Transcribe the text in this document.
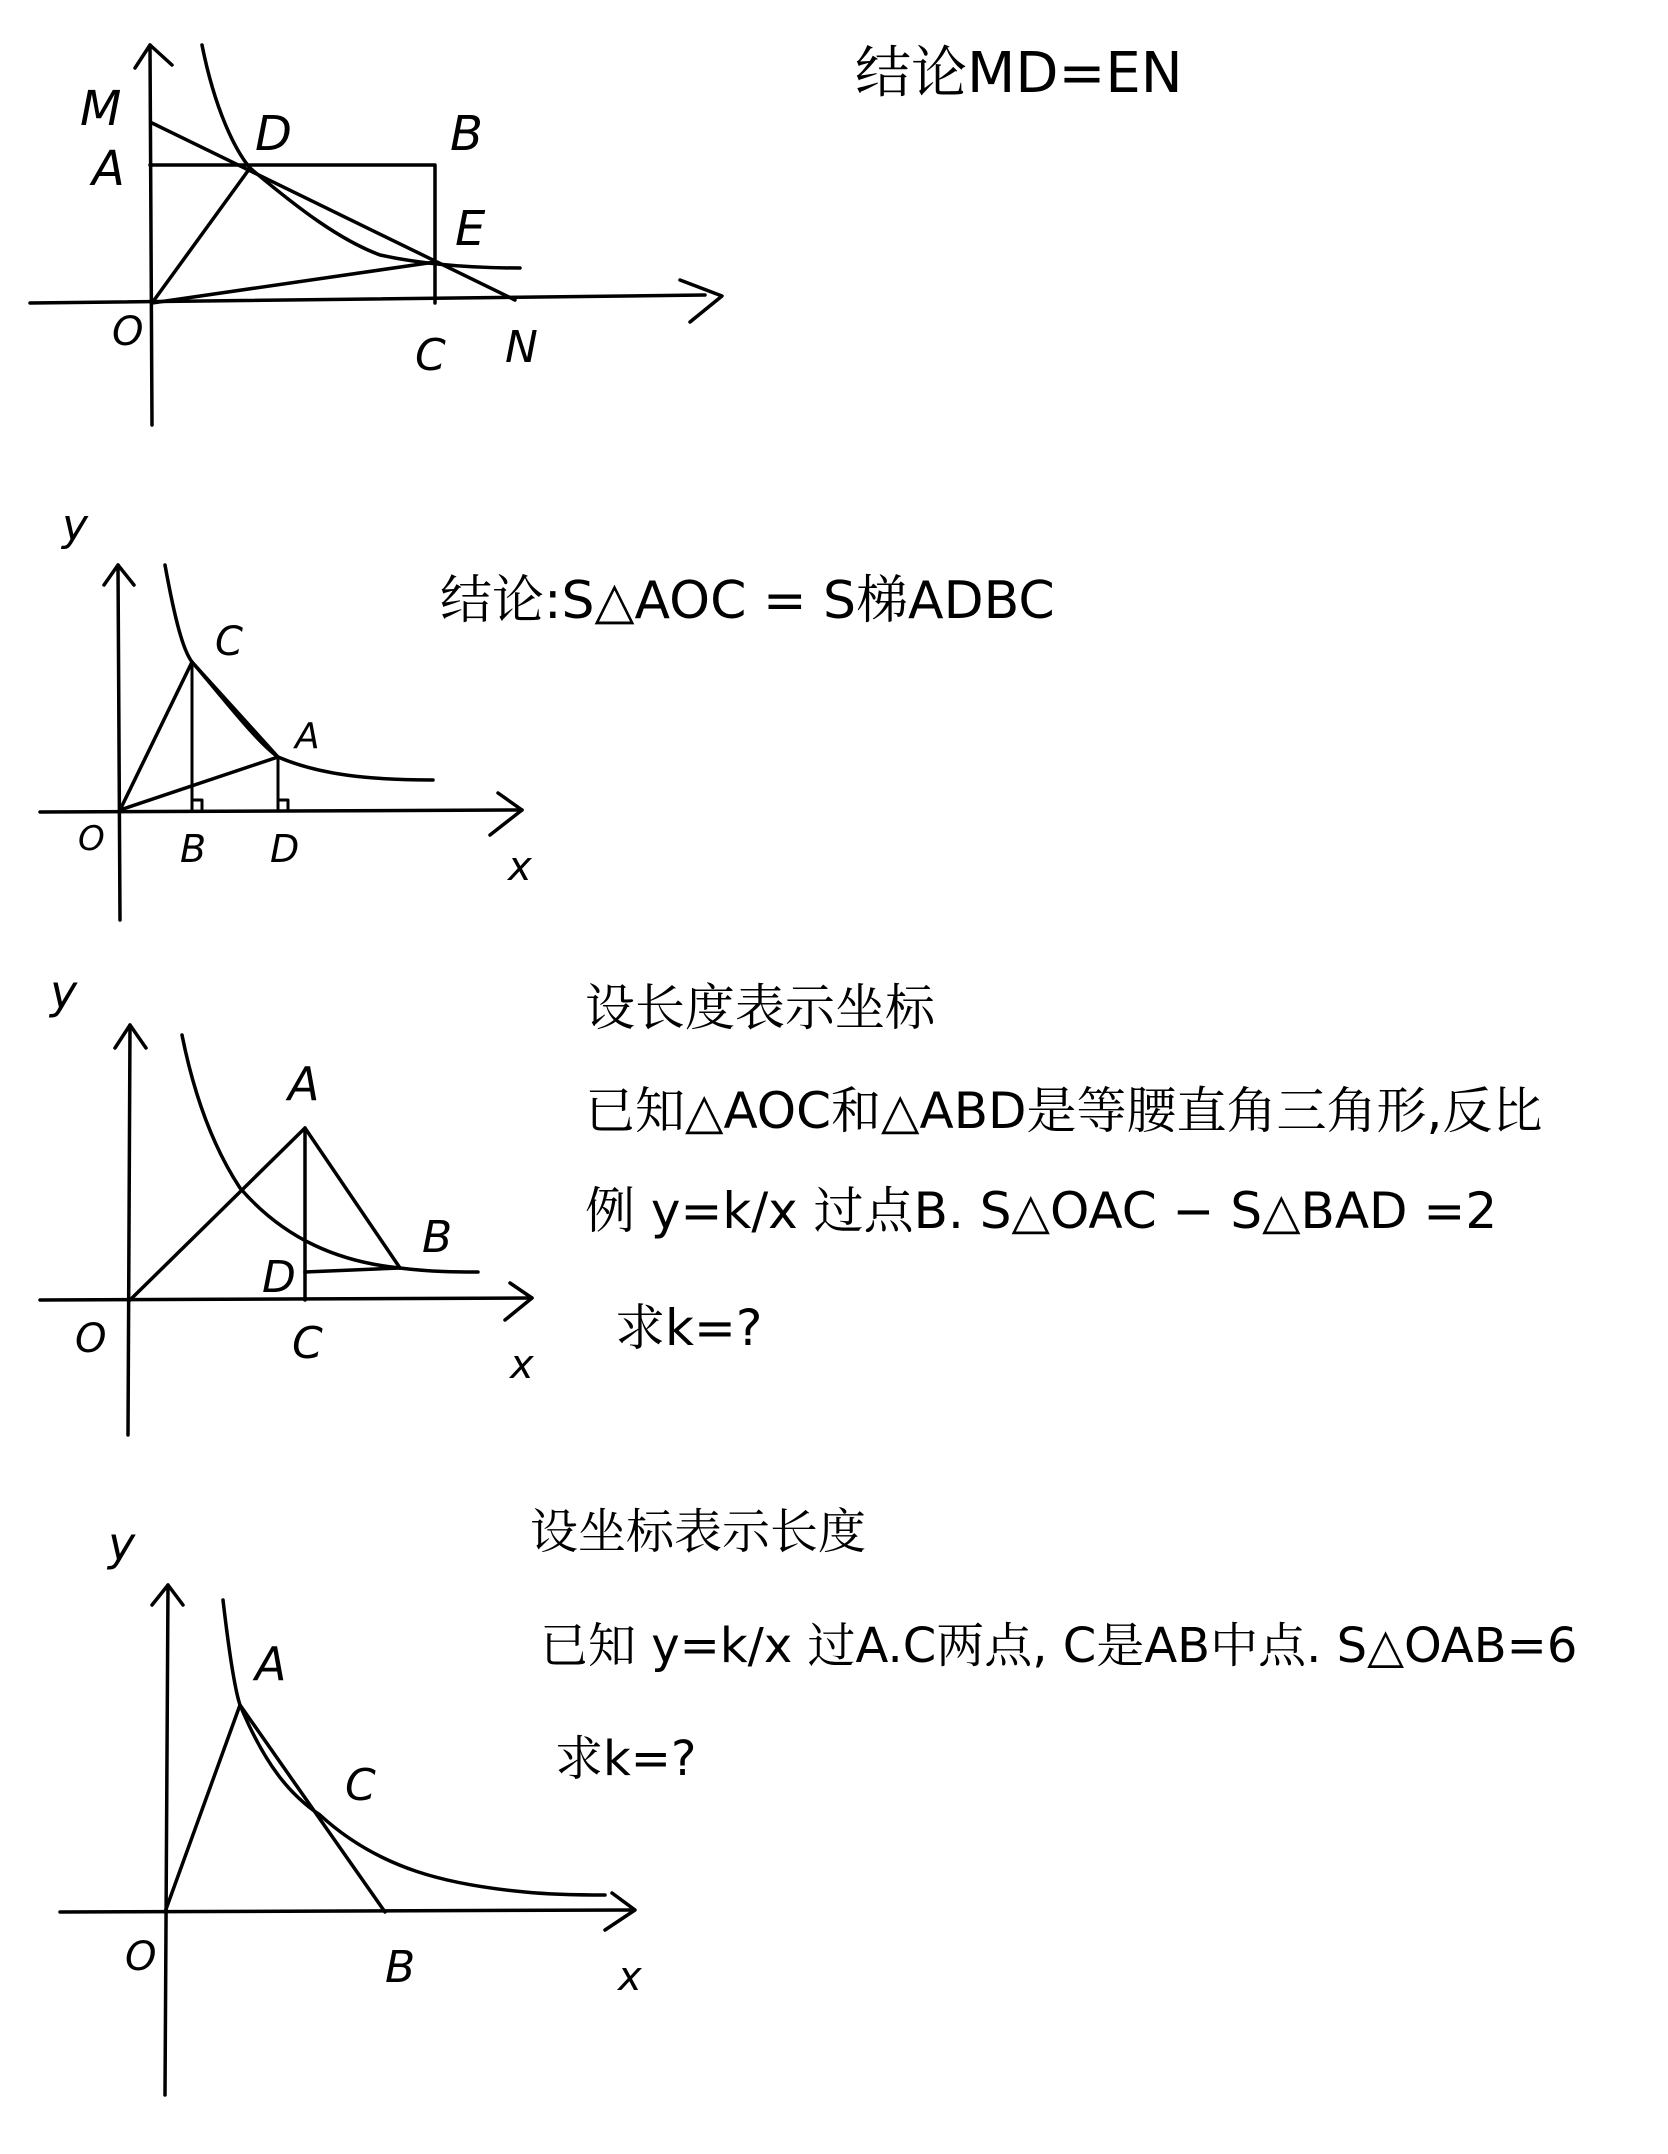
M
A
D	B
E
O	C N
结论MD=EN
y
C
A
O B D	x
结论:S△AOC = S梯ADBC
y
A
B
D
O	C	x
设长度表示坐标
已知△AOC和△ABD是等腰直角三角形,反比
例 y=k/x 过点B. S△OAC − S△BAD =2
求k=?
y
A
C
O	B	x
设坐标表示长度
已知 y=k/x 过A.C两点, C是AB中点. S△OAB=6
求k=?
